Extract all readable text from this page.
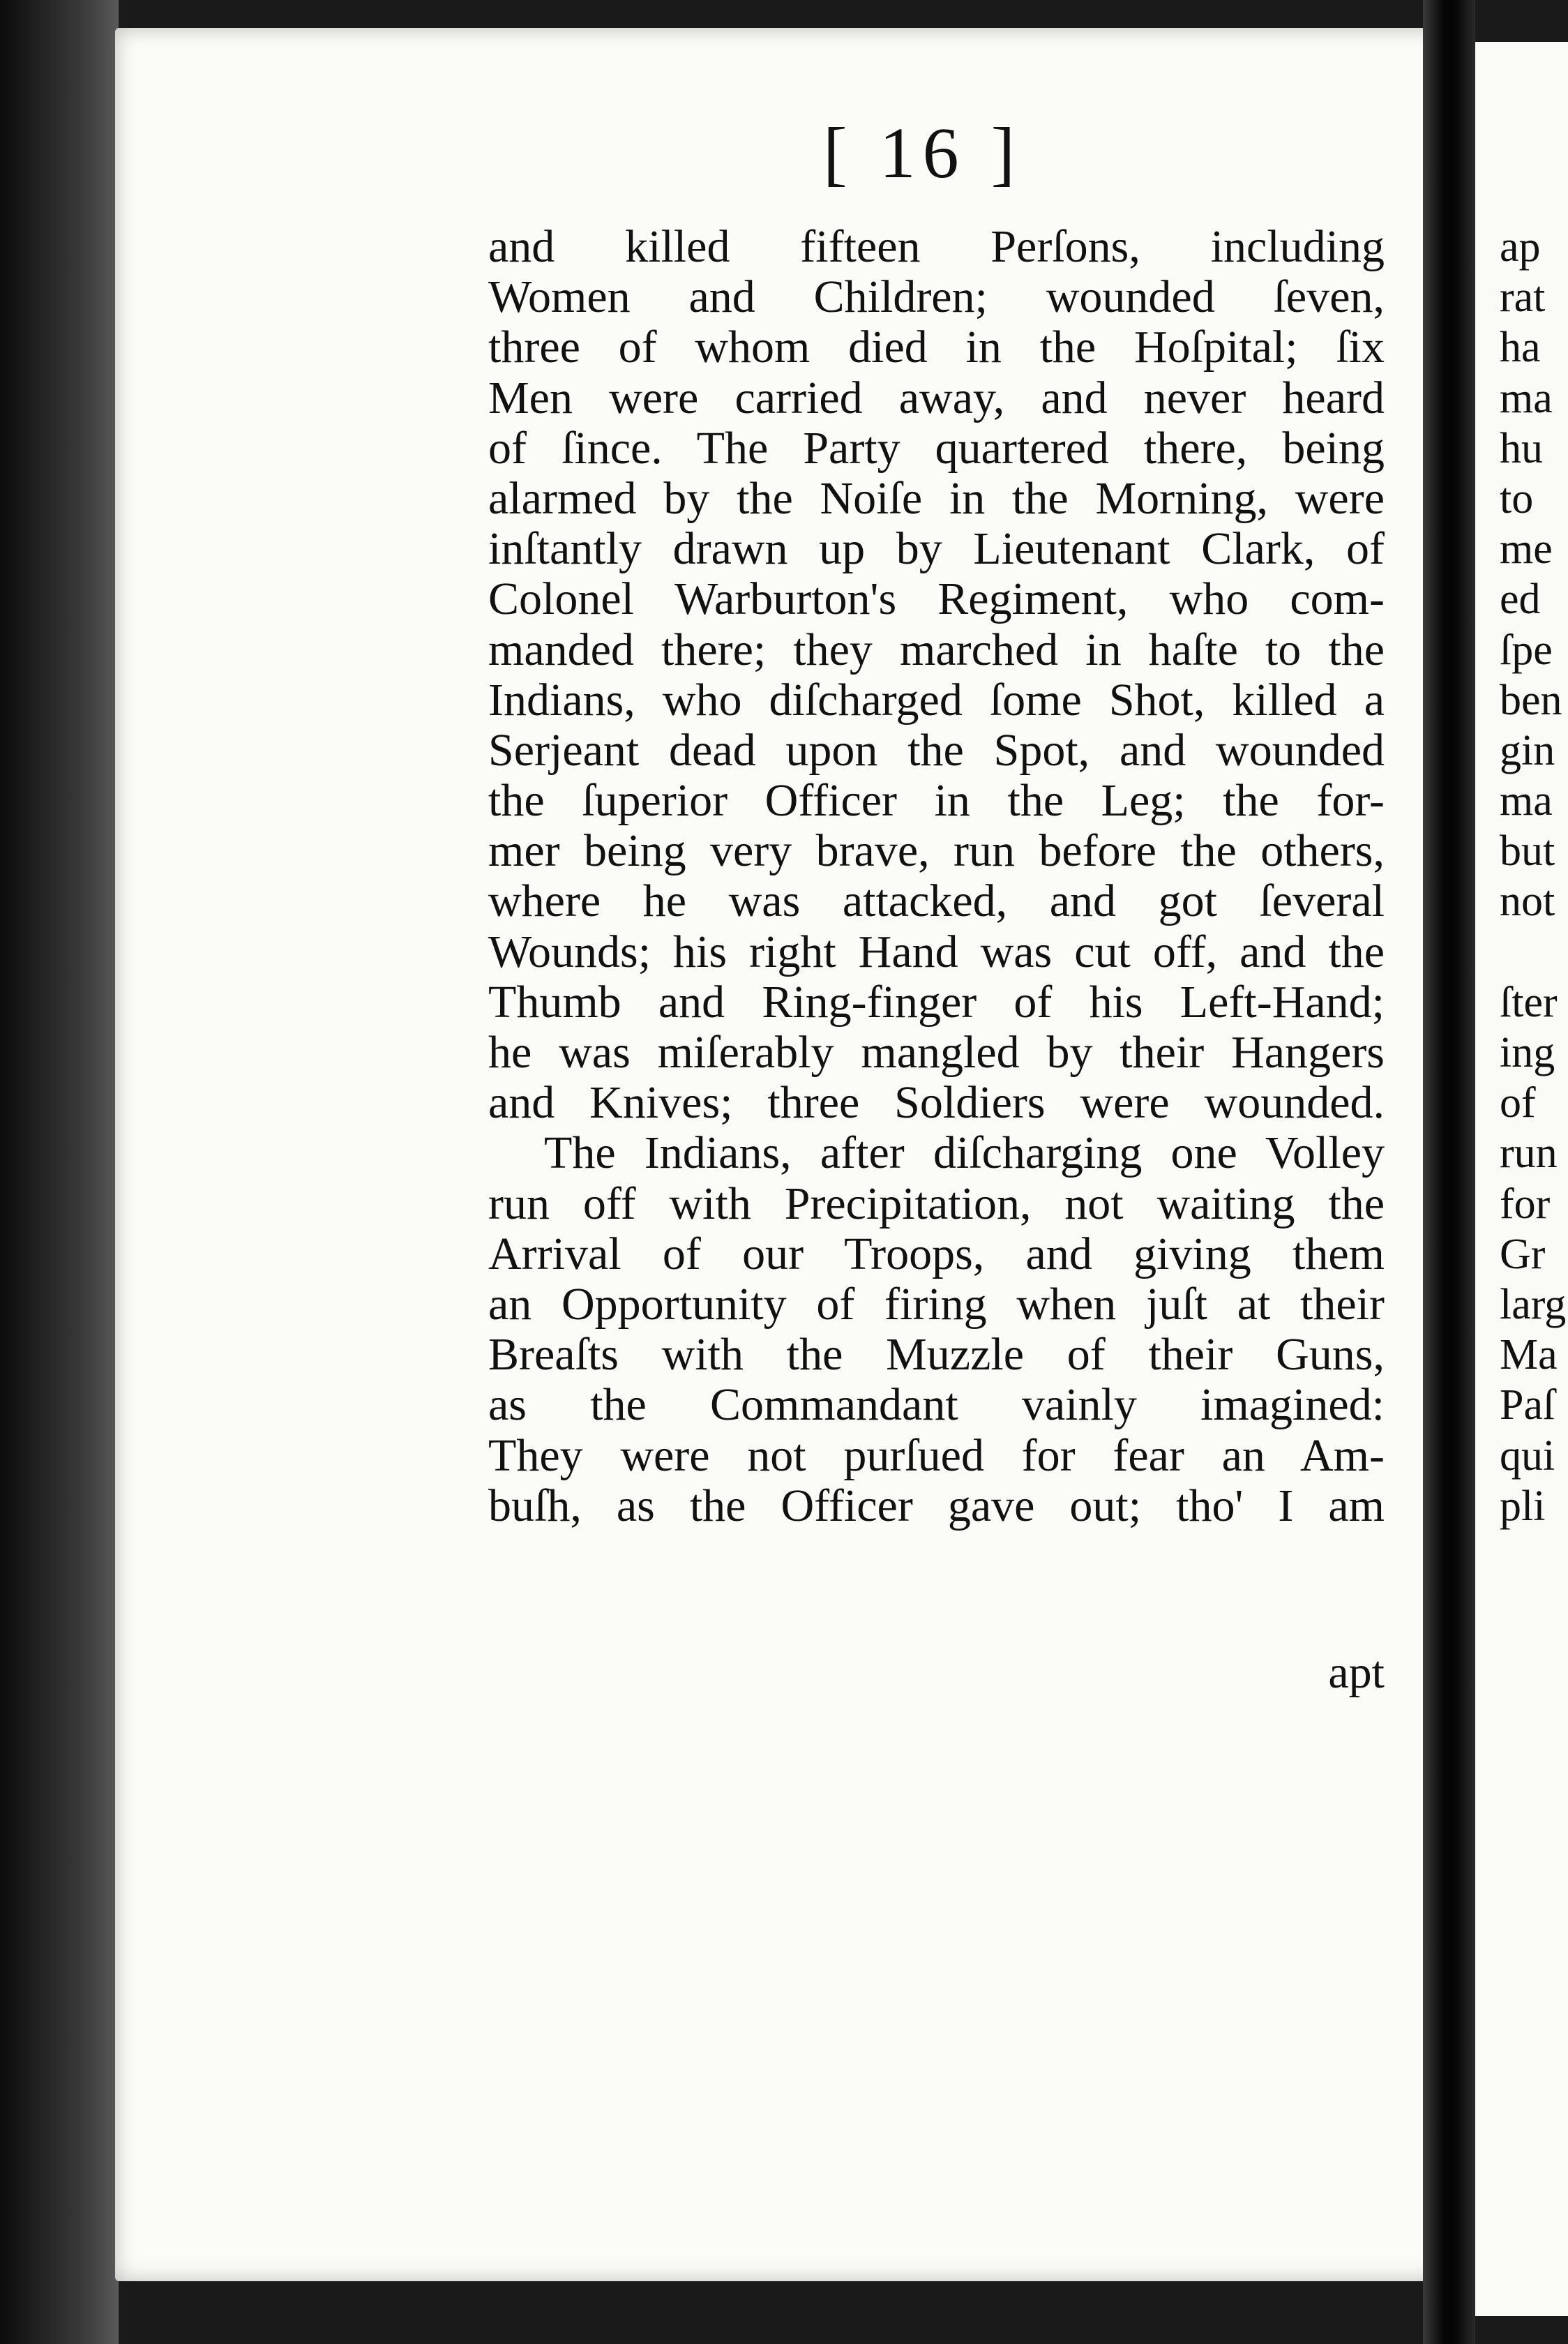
[ 16 ]
and killed fifteen Perſons, including
Women and Children; wounded ſeven,
three of whom died in the Hoſpital; ſix
Men were carried away, and never heard
of ſince. The Party quartered there, being
alarmed by the Noiſe in the Morning, were
inſtantly drawn up by Lieutenant Clark, of
Colonel Warburton's Regiment, who com-
manded there; they marched in haſte to the
Indians, who diſcharged ſome Shot, killed a
Serjeant dead upon the Spot, and wounded
the ſuperior Officer in the Leg; the for-
mer being very brave, run before the others,
where he was attacked, and got ſeveral
Wounds; his right Hand was cut off, and the
Thumb and Ring-finger of his Left-Hand;
he was miſerably mangled by their Hangers
and Knives; three Soldiers were wounded.
The Indians, after diſcharging one Volley
run off with Precipitation, not waiting the
Arrival of our Troops, and giving them
an Opportunity of firing when juſt at their
Breaſts with the Muzzle of their Guns,
as the Commandant vainly imagined:
They were not purſued for fear an Am-
buſh, as the Officer gave out; tho' I am
apt
ap
rat
ha
ma
hu
to
me
ed
ſpe
ben
gin
ma
but
not
ſter
ing
of
run
for
Gr
larg
Ma
Paſ
qui
pli
